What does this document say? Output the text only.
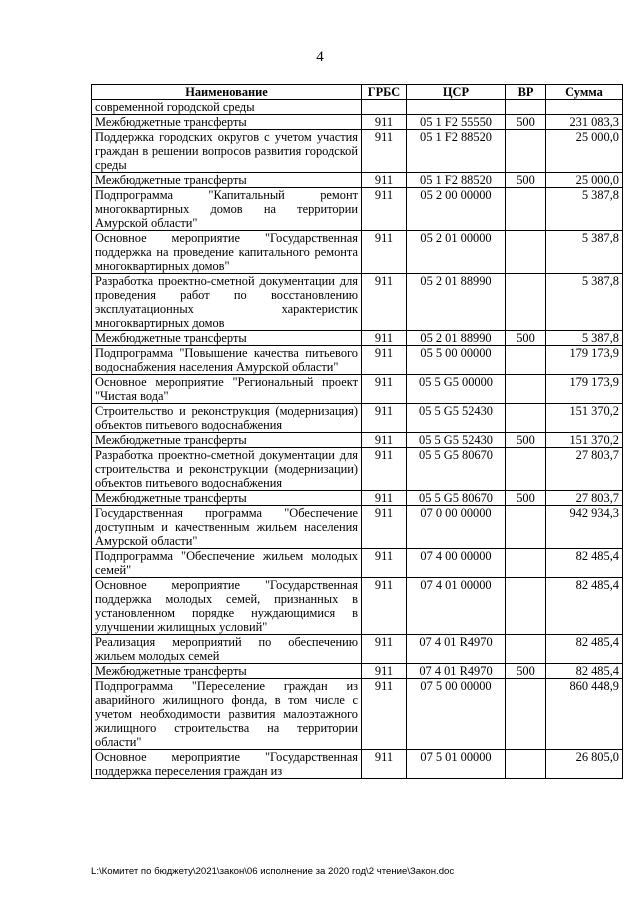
4
Наименование	ГРБС	ЦСР	ВР	Сумма
современной городской среды				
Межбюджетные трансферты	911	05 1 F2 55550	500	231 083,3
Поддержка городских округов с учетом участия граждан в решении вопросов развития городской среды	911	05 1 F2 88520		25 000,0
Межбюджетные трансферты	911	05 1 F2 88520	500	25 000,0
Подпрограмма "Капитальный ремонт многоквартирных домов на территории Амурской области"	911	05 2 00 00000		5 387,8
Основное мероприятие "Государственная поддержка на проведение капитального ремонта многоквартирных домов"	911	05 2 01 00000		5 387,8
Разработка проектно-сметной документации для проведения работ по восстановлению эксплуатационных характеристик многоквартирных домов	911	05 2 01 88990		5 387,8
Межбюджетные трансферты	911	05 2 01 88990	500	5 387,8
Подпрограмма "Повышение качества питьевого водоснабжения населения Амурской области"	911	05 5 00 00000		179 173,9
Основное мероприятие "Региональный проект "Чистая вода"	911	05 5 G5 00000		179 173,9
Строительство и реконструкция (модернизация) объектов питьевого водоснабжения	911	05 5 G5 52430		151 370,2
Межбюджетные трансферты	911	05 5 G5 52430	500	151 370,2
Разработка проектно-сметной документации для строительства и реконструкции (модернизации) объектов питьевого водоснабжения	911	05 5 G5 80670		27 803,7
Межбюджетные трансферты	911	05 5 G5 80670	500	27 803,7
Государственная программа "Обеспечение доступным и качественным жильем населения Амурской области"	911	07 0 00 00000		942 934,3
Подпрограмма "Обеспечение жильем молодых семей"	911	07 4 00 00000		82 485,4
Основное мероприятие "Государственная поддержка молодых семей, признанных в установленном порядке нуждающимися в улучшении жилищных условий"	911	07 4 01 00000		82 485,4
Реализация мероприятий по обеспечению жильем молодых семей	911	07 4 01 R4970		82 485,4
Межбюджетные трансферты	911	07 4 01 R4970	500	82 485,4
Подпрограмма "Переселение граждан из аварийного жилищного фонда, в том числе с учетом необходимости развития малоэтажного жилищного строительства на территории области"	911	07 5 00 00000		860 448,9
Основное мероприятие "Государственная поддержка переселения граждан из	911	07 5 01 00000		26 805,0
L:\Комитет по бюджету\2021\закон\06 исполнение за 2020 год\2 чтение\Закон.doc
